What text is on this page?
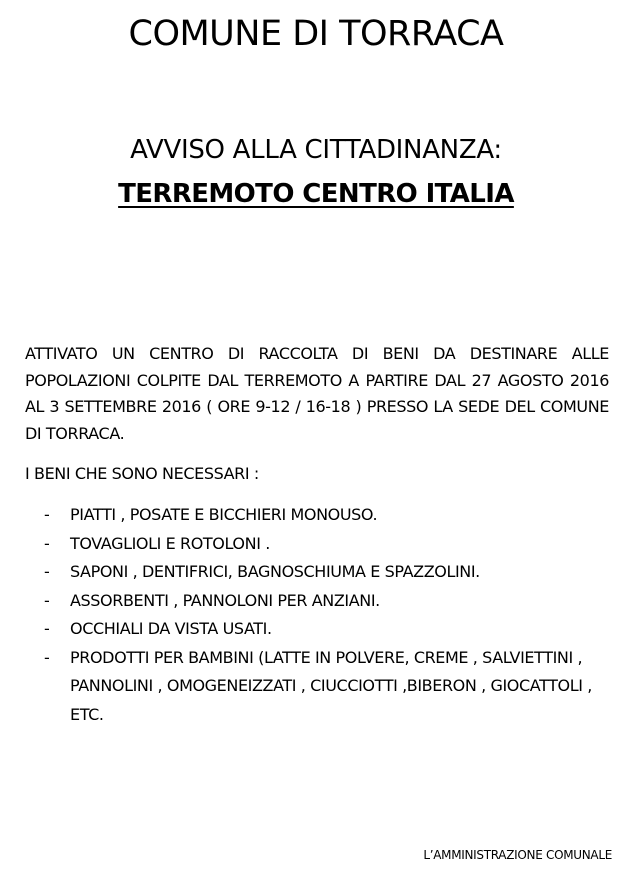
COMUNE DI TORRACA
AVVISO ALLA CITTADINANZA:
TERREMOTO CENTRO ITALIA
ATTIVATO UN CENTRO DI RACCOLTA DI BENI DA DESTINARE ALLE POPOLAZIONI COLPITE DAL TERREMOTO A PARTIRE DAL 27 AGOSTO 2016 AL 3 SETTEMBRE 2016 ( ORE 9-12 / 16-18 ) PRESSO LA SEDE DEL COMUNE DI TORRACA.
I BENI CHE SONO NECESSARI :
- PIATTI , POSATE E BICCHIERI MONOUSO.
- TOVAGLIOLI E ROTOLONI .
- SAPONI , DENTIFRICI, BAGNOSCHIUMA E SPAZZOLINI.
- ASSORBENTI , PANNOLONI PER ANZIANI.
- OCCHIALI DA VISTA USATI.
- PRODOTTI PER BAMBINI (LATTE IN POLVERE, CREME , SALVIETTINI , PANNOLINI , OMOGENEIZZATI , CIUCCIOTTI ,BIBERON , GIOCATTOLI , ETC.
L’AMMINISTRAZIONE COMUNALE
